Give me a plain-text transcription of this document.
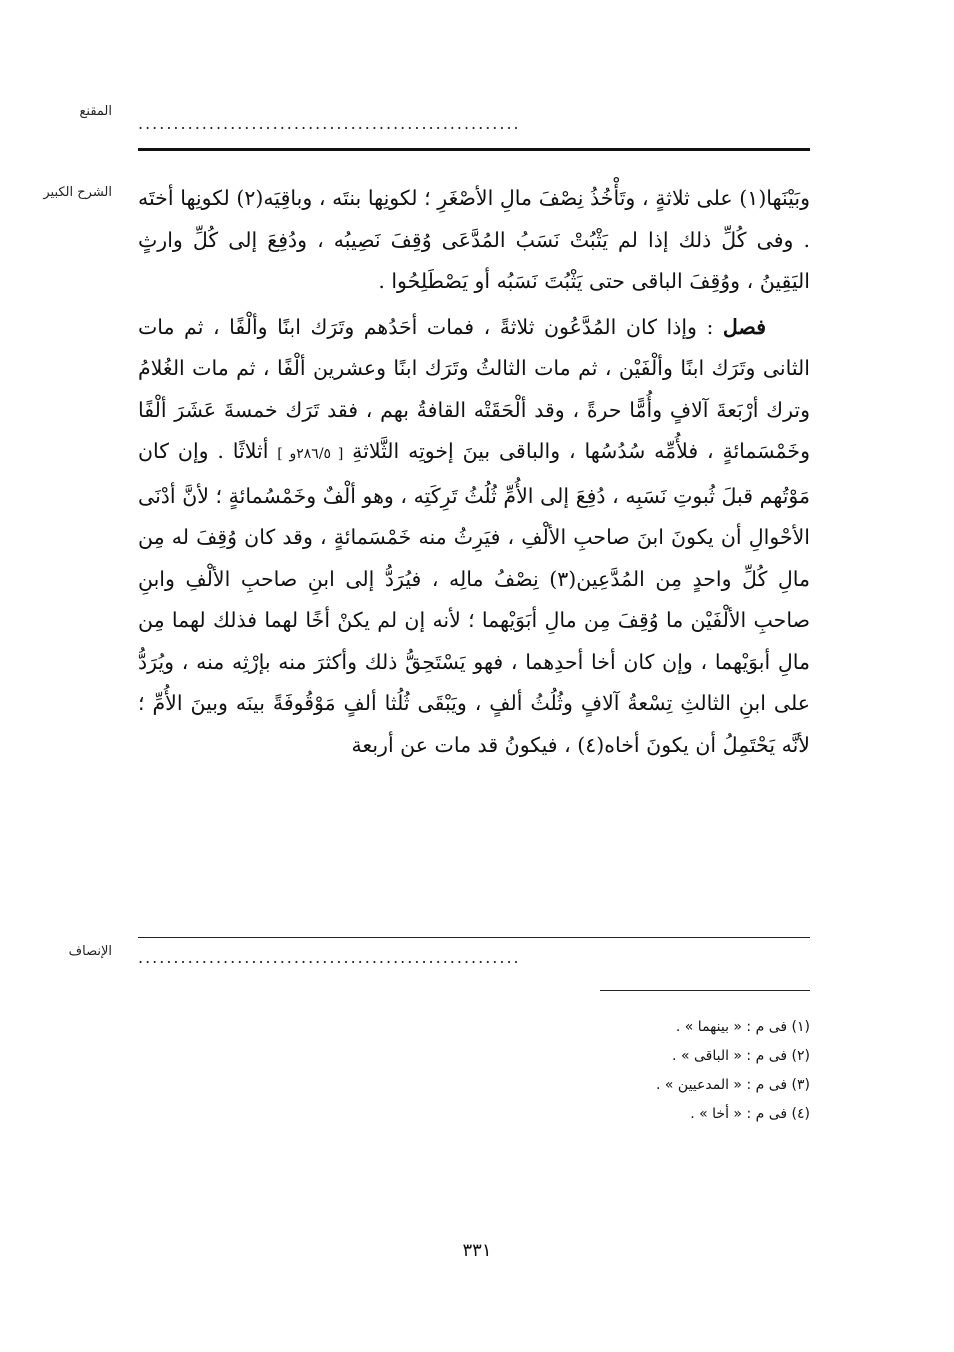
المقنع
......................................................
الشرح الكبير وبَيْنَها(١) على ثلاثةٍ ، وتَأْخُذُ نِصْفَ مالِ الأصْغَرِ ؛ لكونِها بنتَه ، وباقِيَه(٢) لكونِها أختَه . وفى كُلِّ ذلك إذا لم يَثْبُتْ نَسَبُ المُدَّعَى وُقِفَ نَصِيبُه ، ودُفِعَ إلى كُلِّ وارثٍ اليَقِينُ ، ووُقِفَ الباقى حتى يَثْبُتَ نَسَبُه أو يَصْطَلِحُوا .

فصل : وإذا كان المُدَّعُون ثلاثةً ، فمات أحَدُهم وتَرَك ابنًا وألْفًا ، ثم مات الثانى وتَرَك ابنًا وألْفَيْن ، ثم مات الثالثُ وتَرَك ابنًا وعشرين ألْفًا ، ثم مات الغُلامُ وترك أرْبَعةَ آلافٍ وأُمًّا حرةً ، وقد ألْحَقَتْه القافةُ بهم ، فقد تَرَك خمسةَ عَشَرَ ألْفًا وخَمْسَمائةٍ ، فلأُمِّه سُدُسُها ، والباقى بينَ إخوتِه الثَّلاثةِ [ ٢٨٦/٥و ] أثلاثًا . وإن كان مَوْتُهم قبلَ ثُبوتِ نَسَبِه ، دُفِعَ إلى الأُمِّ ثُلُثُ تَرِكَتِه ، وهو ألْفٌ وخَمْسُمائةٍ ؛ لأنَّ أدْنَى الأحْوالِ أن يكونَ ابنَ صاحبِ الألْفِ ، فيَرِثُ منه خَمْسَمائةٍ ، وقد كان وُقِفَ له مِن مالِ كُلِّ واحدٍ مِن المُدَّعِين(٣) نِصْفُ مالِه ، فيُرَدُّ إلى ابنِ صاحبِ الألْفِ وابنِ صاحبِ الألْفَيْن ما وُقِفَ مِن مالِ أبَوَيْهما ؛ لأنه إن لم يكنْ أخًا لهما فذلك لهما مِن مالِ أبوَيْهما ، وإن كان أخا أحدِهما ، فهو يَسْتَحِقُّ ذلك وأكثرَ منه بإرْثِه منه ، ويُرَدُّ على ابنِ الثالثِ تِسْعةُ آلافٍ وثُلُثُ ألفٍ ، ويَبْقَى ثُلُثا ألفٍ مَوْقُوفَةً بينَه وبينَ الأُمِّ ؛ لأنَّه يَحْتَمِلُ أن يكونَ أخاه(٤) ، فيكونُ قد مات عن أربعة

الإنصاف ......................................................
(١) فى م : « بينهما » .
(٢) فى م : « الباقى » .
(٣) فى م : « المدعيين » .
(٤) فى م : « أخا » .
٣٣١
